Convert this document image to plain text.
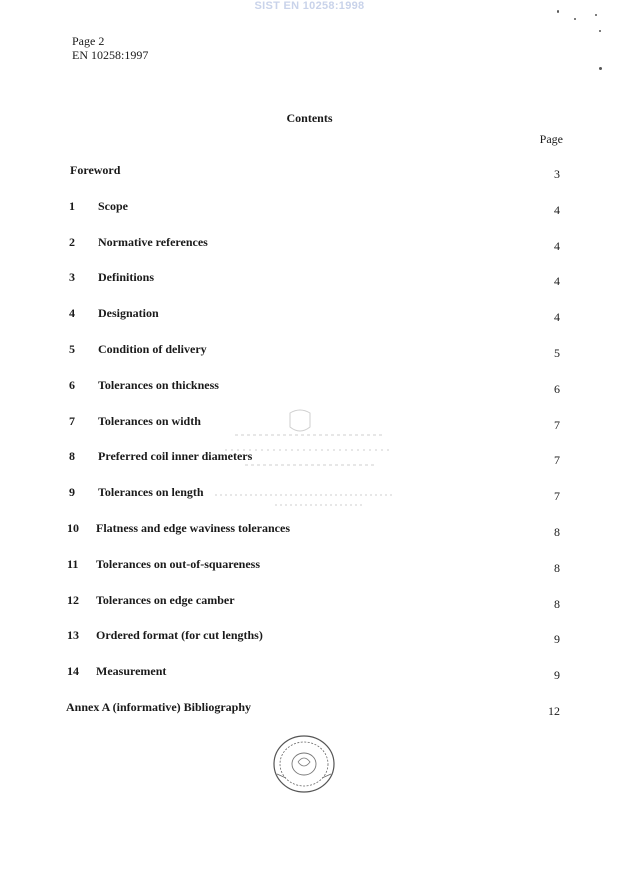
SIST EN 10258:1998
Page 2
EN 10258:1997
Contents
Page
Foreword	3
1 Scope	4
2 Normative references	4
3 Definitions	4
4 Designation	4
5 Condition of delivery	5
6 Tolerances on thickness	6
7 Tolerances on width	7
8 Preferred coil inner diameters	7
9 Tolerances on length	7
10 Flatness and edge waviness tolerances	8
11 Tolerances on out-of-squareness	8
12 Tolerances on edge camber	8
13 Ordered format (for cut lengths)	9
14 Measurement	9
Annex A (informative) Bibliography	12
